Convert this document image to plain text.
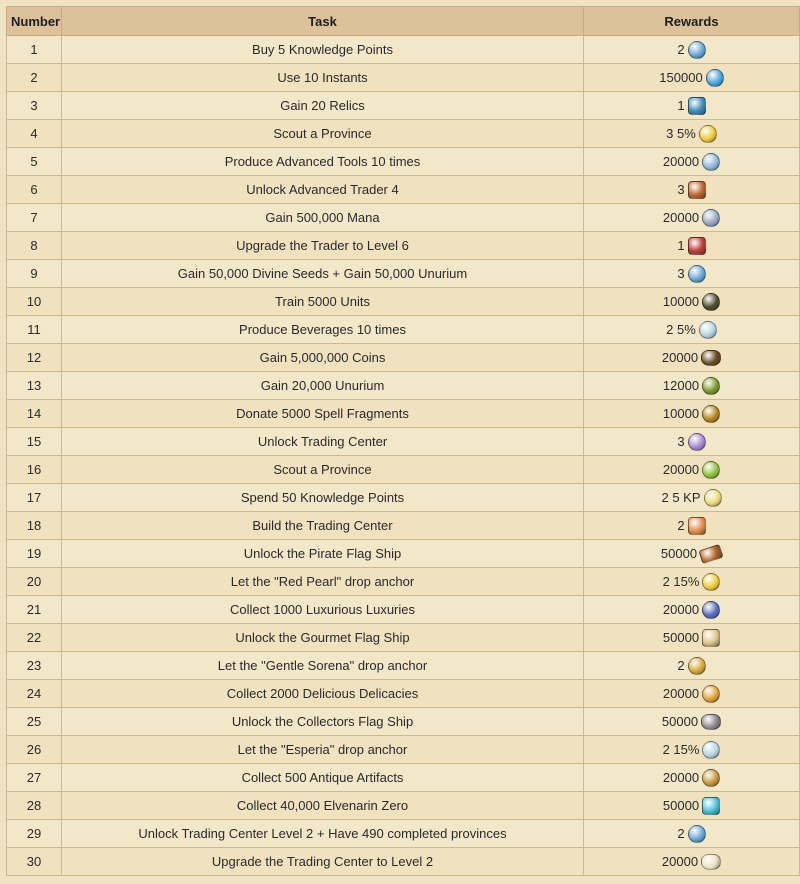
Number	Task	Rewards
1	Buy 5 Knowledge Points	2

2	Use 10 Instants	150000

3	Gain 20 Relics	1

4	Scout a Province	3 5%

5	Produce Advanced Tools 10 times	20000

6	Unlock Advanced Trader 4	3

7	Gain 500,000 Mana	20000

8	Upgrade the Trader to Level 6	1

9	Gain 50,000 Divine Seeds + Gain 50,000 Unurium	3

10	Train 5000 Units	10000

11	Produce Beverages 10 times	2 5%

12	Gain 5,000,000 Coins	20000

13	Gain 20,000 Unurium	12000

14	Donate 5000 Spell Fragments	10000

15	Unlock Trading Center	3

16	Scout a Province	20000

17	Spend 50 Knowledge Points	2 5 KP

18	Build the Trading Center	2

19	Unlock the Pirate Flag Ship	50000

20	Let the "Red Pearl" drop anchor	2 15%

21	Collect 1000 Luxurious Luxuries	20000

22	Unlock the Gourmet Flag Ship	50000

23	Let the "Gentle Sorena" drop anchor	2

24	Collect 2000 Delicious Delicacies	20000

25	Unlock the Collectors Flag Ship	50000

26	Let the "Esperia" drop anchor	2 15%

27	Collect 500 Antique Artifacts	20000

28	Collect 40,000 Elvenarin Zero	50000

29	Unlock Trading Center Level 2 + Have 490 completed provinces	2

30	Upgrade the Trading Center to Level 2	20000
